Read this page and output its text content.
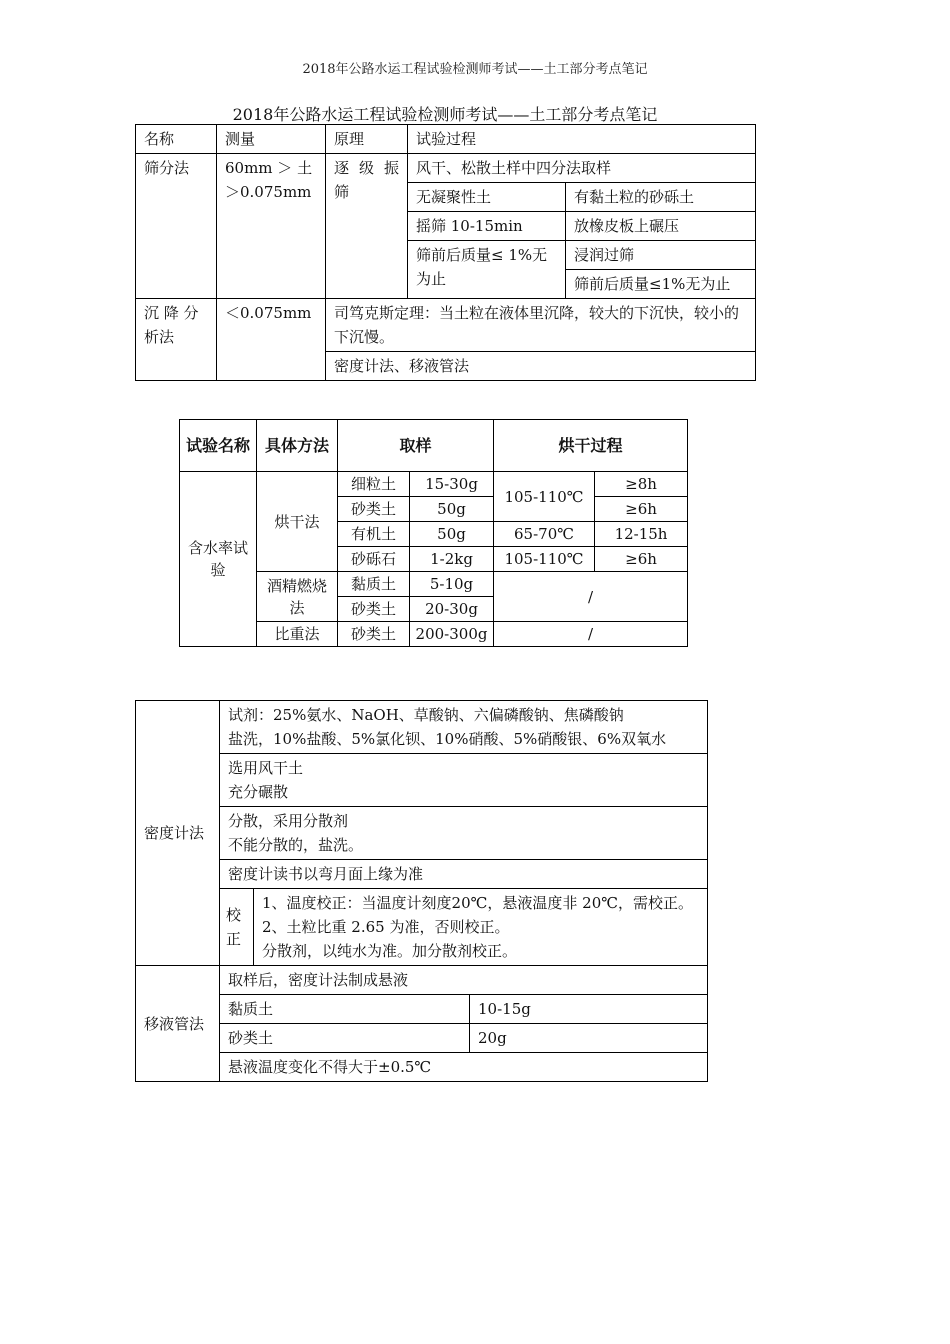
2018年公路水运工程试验检测师考试——土工部分考点笔记
2018年公路水运工程试验检测师考试——土工部分考点笔记
名称	测量	原理	试验过程	
筛分法	60mm ＞ 土＞0.075mm	逐 级 振 筛	风干、松散土样中四分法取样	
			无凝聚性土	有黏土粒的砂砾土
			摇筛 10-15min	放橡皮板上碾压
			筛前后质量≤ 1%无为止	浸润过筛
				筛前后质量≤1%无为止
沉 降 分析法	＜0.075mm	司笃克斯定理：当土粒在液体里沉降，较大的下沉快，较小的下沉慢。		
		密度计法、移液管法		
试验名称	具体方法	取样		烘干过程	
含水率试验	烘干法	细粒土	15-30g	105-110℃	≥8h
		砂类土	50g		≥6h
		有机土	50g	65-70℃	12-15h
		砂砾石	1-2kg	105-110℃	≥6h
	酒精燃烧法	黏质土	5-10g	/	
		砂类土	20-30g		
	比重法	砂类土	200-300g	/	
密度计法	试剂：25%氨水、NaOH、草酸钠、六偏磷酸钠、焦磷酸钠
盐洗，10%盐酸、5%氯化钡、10%硝酸、5%硝酸银、6%双氧水		

	选用风干土
充分碾散		

	分散，采用分散剂
不能分散的，盐洗。		

	密度计读书以弯月面上缘为准		
	校正	1、温度校正：当温度计刻度20℃，悬液温度非 20℃，需校正。
2、土粒比重 2.65 为准，否则校正。
分散剂，以纯水为准。加分散剂校正。	

移液管法	取样后，密度计法制成悬液		
	黏质土		10-15g
	砂类土		20g
	悬液温度变化不得大于±0.5℃		
